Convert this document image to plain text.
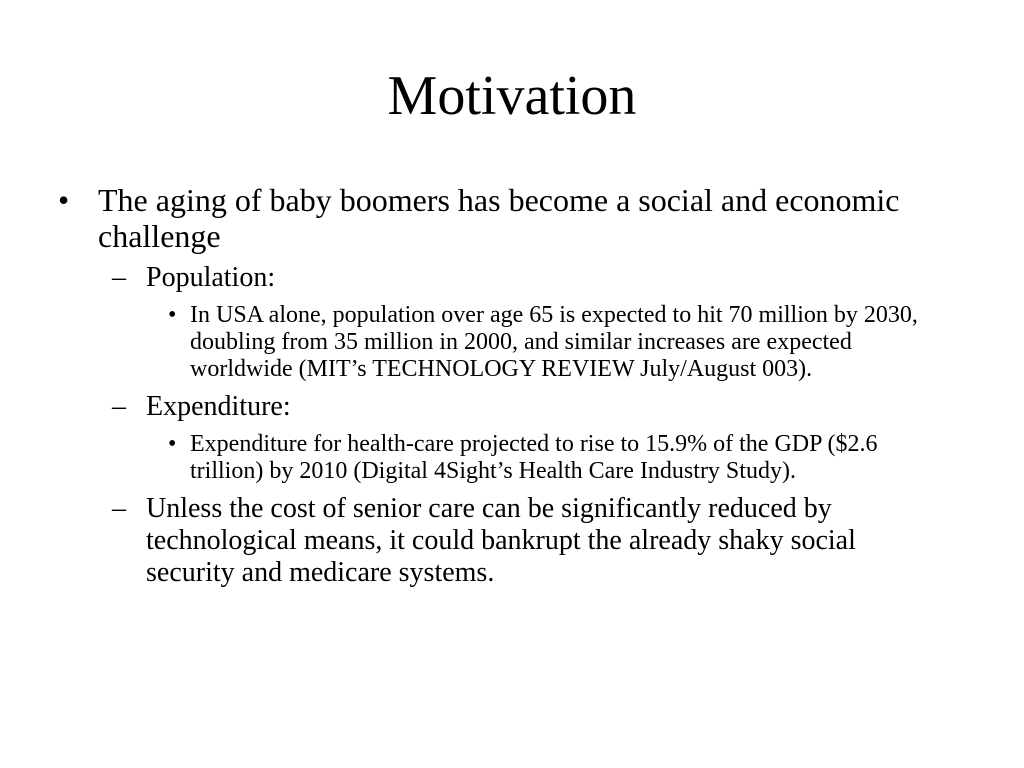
Motivation
• The aging of baby boomers has become a social and economic challenge
– Population:
• In USA alone, population over age 65 is expected to hit 70 million by 2030, doubling from 35 million in 2000, and similar increases are expected worldwide (MIT’s TECHNOLOGY REVIEW July/August 003).
– Expenditure:
• Expenditure for health-care projected to rise to 15.9% of the GDP ($2.6 trillion) by 2010 (Digital 4Sight’s Health Care Industry Study).
– Unless the cost of senior care can be significantly reduced by technological means, it could bankrupt the already shaky social security and medicare systems.
